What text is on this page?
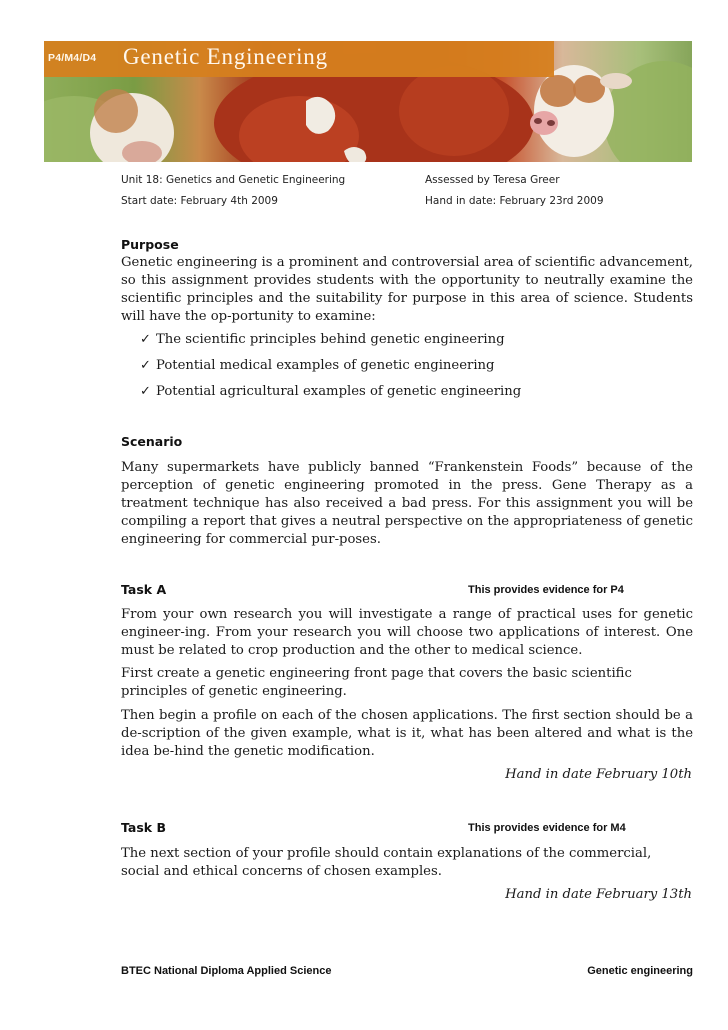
P4/M4/D4 Genetic Engineering
Unit 18: Genetics and Genetic Engineering	Assessed by Teresa Greer
Start date: February 4th 2009	Hand in date: February 23rd 2009
Purpose
Genetic engineering is a prominent and controversial area of scientific advancement, so this assignment provides students with the opportunity to neutrally examine the scientific principles and the suitability for purpose in this area of science. Students will have the op-portunity to examine:
✓ The scientific principles behind genetic engineering
✓ Potential medical examples of genetic engineering
✓ Potential agricultural examples of genetic engineering
Scenario
Many supermarkets have publicly banned “Frankenstein Foods” because of the perception of genetic engineering promoted in the press. Gene Therapy as a treatment technique has also received a bad press. For this assignment you will be compiling a report that gives a neutral perspective on the appropriateness of genetic engineering for commercial pur-poses.
Task A	This provides evidence for P4
From your own research you will investigate a range of practical uses for genetic engineer-ing. From your research you will choose two applications of interest. One must be related to crop production and the other to medical science.
First create a genetic engineering front page that covers the basic scientific principles of genetic engineering.
Then begin a profile on each of the chosen applications. The first section should be a de-scription of the given example, what is it, what has been altered and what is the idea be-hind the genetic modification.
Hand in date February 10th
Task B	This provides evidence for M4
The next section of your profile should contain explanations of the commercial, social and ethical concerns of chosen examples.
Hand in date February 13th
BTEC National Diploma Applied Science	Genetic engineering
